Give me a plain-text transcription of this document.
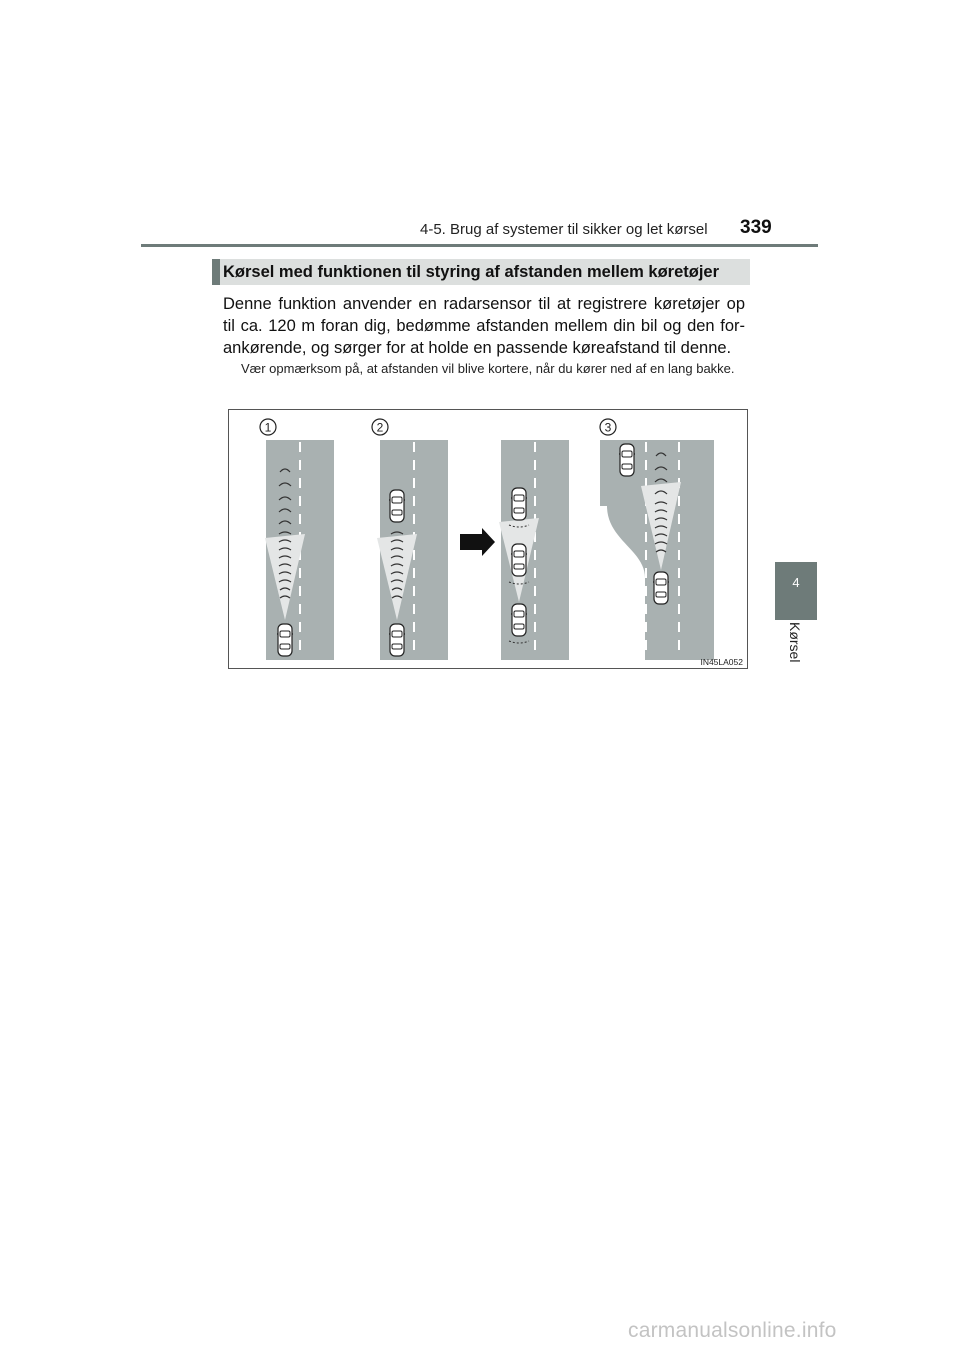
4-5. Brug af systemer til sikker og let kørsel 339
Kørsel med funktionen til styring af afstanden mellem køretøjer
Denne funktion anvender en radarsensor til at registrere køretøjer op
til ca. 120 m foran dig, bedømme afstanden mellem din bil og den for-
ankørende, og sørger for at holde en passende køreafstand til denne.

Vær opmærksom på, at afstanden vil blive kortere, når du kører ned af en lang bakke.

1	2	3
IN45LA052
4
Kørsel
carmanualsonline.info
